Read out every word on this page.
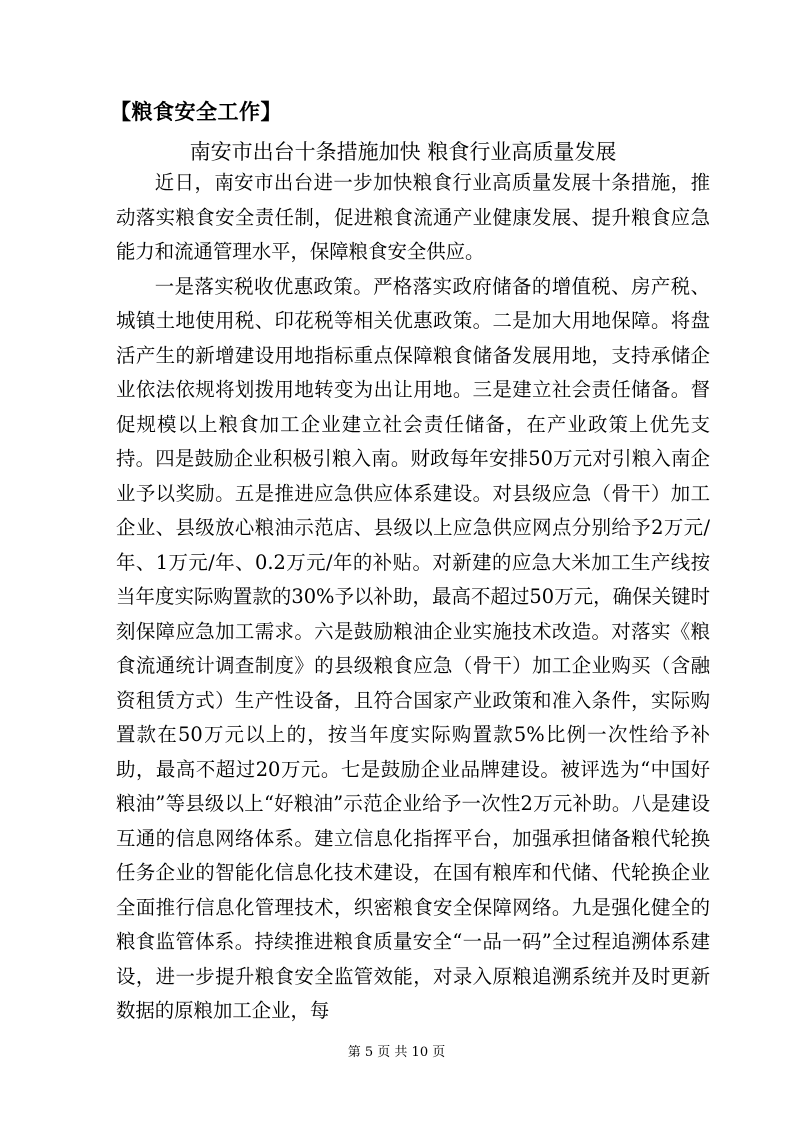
【粮食安全工作】
南安市出台十条措施加快 粮食行业高质量发展

近日，南安市出台进一步加快粮食行业高质量发展十条措施，推动落实粮食安全责任制，促进粮食流通产业健康发展、提升粮食应急能力和流通管理水平，保障粮食安全供应。

一是落实税收优惠政策。严格落实政府储备的增值税、房产税、城镇土地使用税、印花税等相关优惠政策。二是加大用地保障。将盘活产生的新增建设用地指标重点保障粮食储备发展用地，支持承储企业依法依规将划拨用地转变为出让用地。三是建立社会责任储备。督促规模以上粮食加工企业建立社会责任储备，在产业政策上优先支持。四是鼓励企业积极引粮入南。财政每年安排50万元对引粮入南企业予以奖励。五是推进应急供应体系建设。对县级应急（骨干）加工企业、县级放心粮油示范店、县级以上应急供应网点分别给予2万元/年、1万元/年、0.2万元/年的补贴。对新建的应急大米加工生产线按当年度实际购置款的30%予以补助，最高不超过50万元，确保关键时刻保障应急加工需求。六是鼓励粮油企业实施技术改造。对落实《粮食流通统计调查制度》的县级粮食应急（骨干）加工企业购买（含融资租赁方式）生产性设备，且符合国家产业政策和准入条件，实际购置款在50万元以上的，按当年度实际购置款5%比例一次性给予补助，最高不超过20万元。七是鼓励企业品牌建设。被评选为“中国好粮油”等县级以上“好粮油”示范企业给予一次性2万元补助。八是建设互通的信息网络体系。建立信息化指挥平台，加强承担储备粮代轮换任务企业的智能化信息化技术建设，在国有粮库和代储、代轮换企业全面推行信息化管理技术，织密粮食安全保障网络。九是强化健全的粮食监管体系。持续推进粮食质量安全“一品一码”全过程追溯体系建设，进一步提升粮食安全监管效能，对录入原粮追溯系统并及时更新数据的原粮加工企业，每

第 5 页 共 10 页
